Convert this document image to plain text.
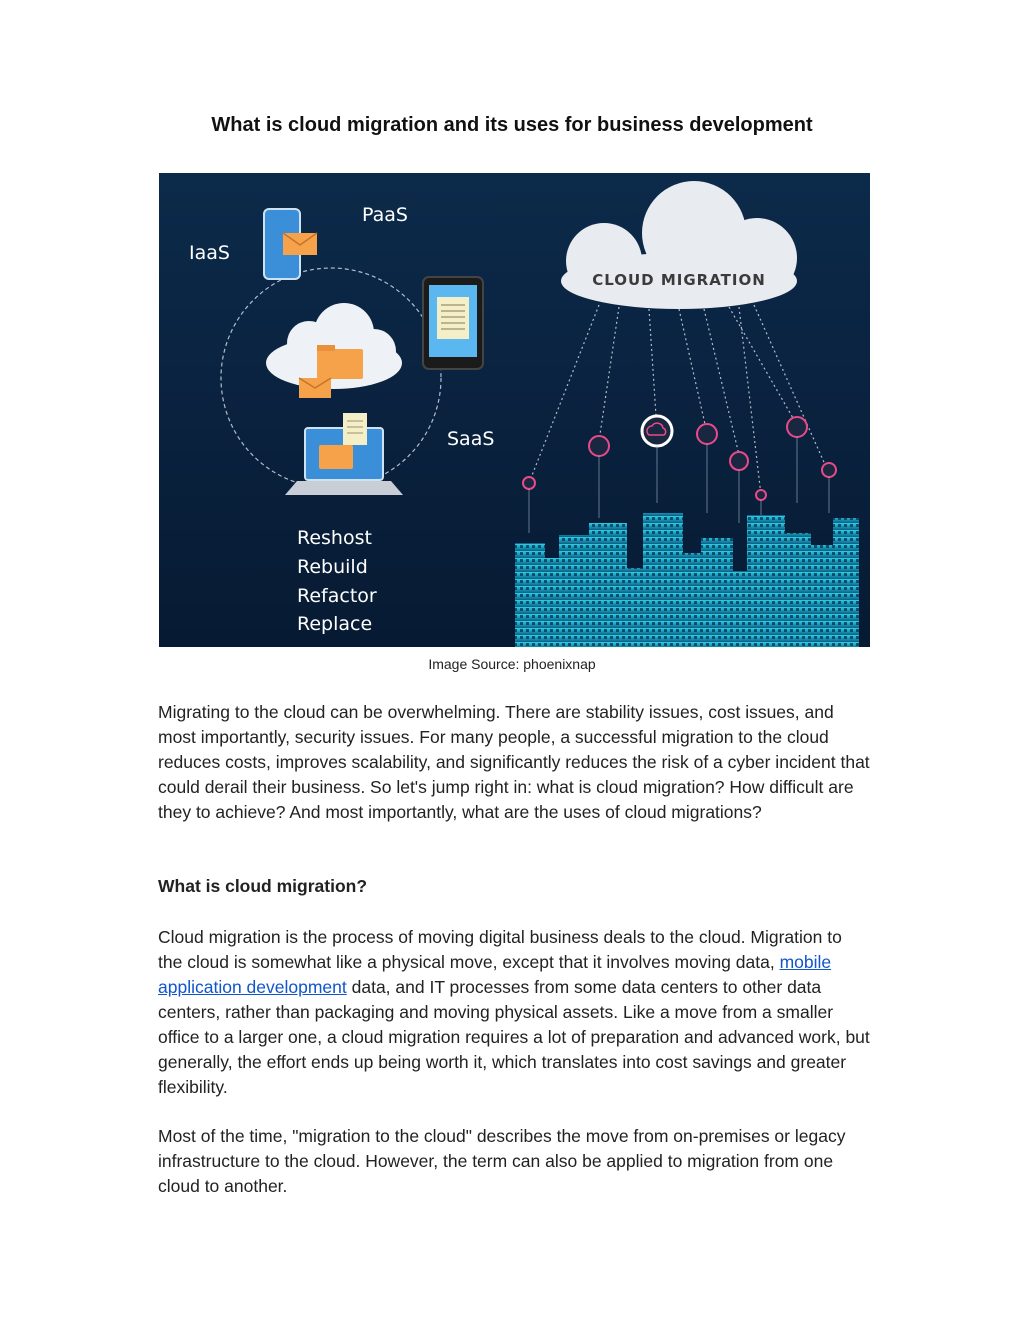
What is cloud migration and its uses for business development
IaaS
PaaS
SaaS
Reshost
Rebuild
Refactor
Replace
CLOUD MIGRATION
Image Source: phoenixnap

Migrating to the cloud can be overwhelming. There are stability issues, cost issues, and most importantly, security issues. For many people, a successful migration to the cloud reduces costs, improves scalability, and significantly reduces the risk of a cyber incident that could derail their business. So let's jump right in: what is cloud migration? How difficult are they to achieve? And most importantly, what are the uses of cloud migrations?

What is cloud migration?

Cloud migration is the process of moving digital business deals to the cloud. Migration to the cloud is somewhat like a physical move, except that it involves moving data, mobile application development data, and IT processes from some data centers to other data centers, rather than packaging and moving physical assets. Like a move from a smaller office to a larger one, a cloud migration requires a lot of preparation and advanced work, but generally, the effort ends up being worth it, which translates into cost savings and greater flexibility.

Most of the time, "migration to the cloud" describes the move from on-premises or legacy infrastructure to the cloud. However, the term can also be applied to migration from one cloud to another.
